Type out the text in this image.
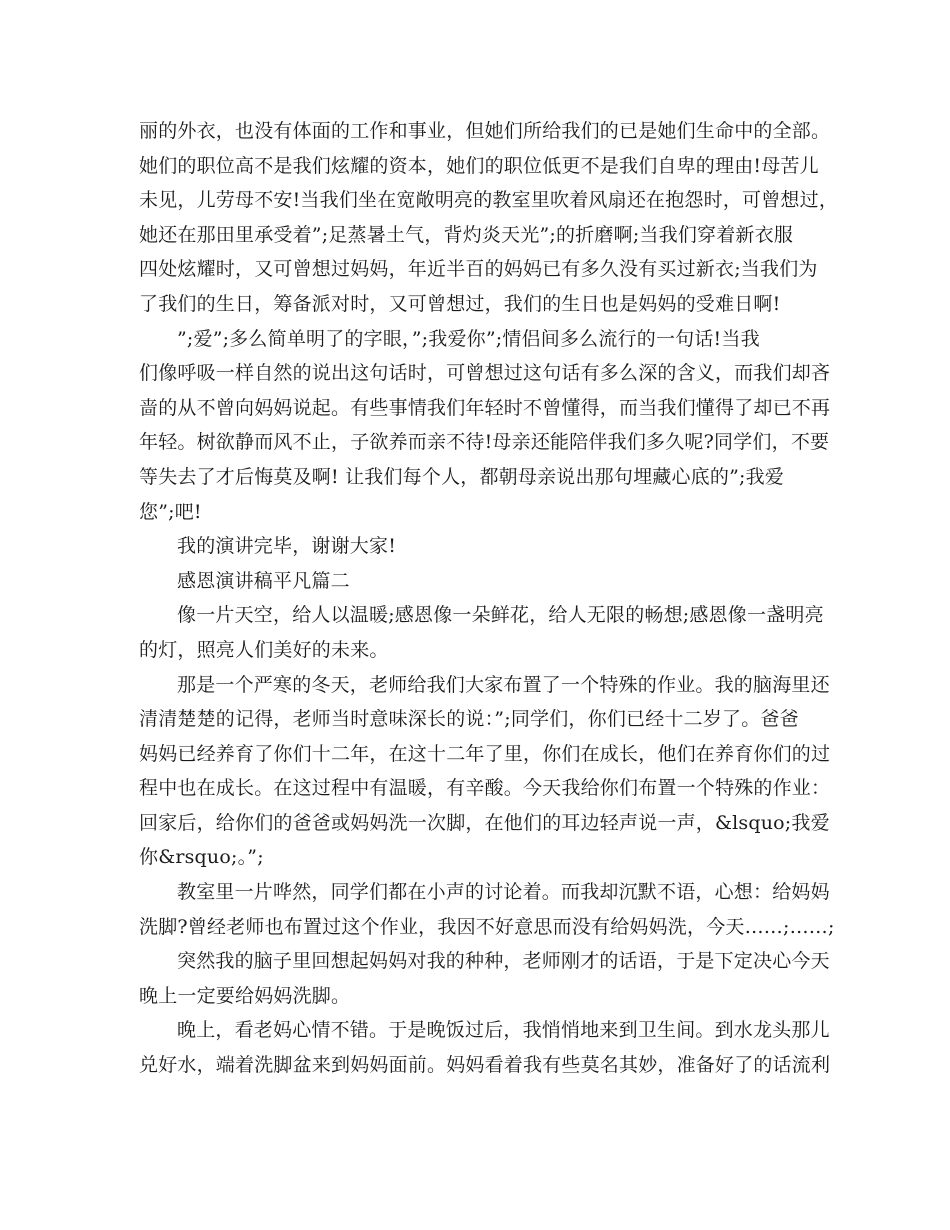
丽的外衣，也没有体面的工作和事业，但她们所给我们的已是她们生命中的全部。
她们的职位高不是我们炫耀的资本，她们的职位低更不是我们自卑的理由!母苦儿
未见，儿劳母不安!当我们坐在宽敞明亮的教室里吹着风扇还在抱怨时，可曾想过，
她还在那田里承受着”;足蒸暑土气，背灼炎天光”;的折磨啊;当我们穿着新衣服
四处炫耀时，又可曾想过妈妈，年近半百的妈妈已有多久没有买过新衣;当我们为
了我们的生日，筹备派对时，又可曾想过，我们的生日也是妈妈的受难日啊!
”;爱”;多么简单明了的字眼，”;我爱你”;情侣间多么流行的一句话!当我
们像呼吸一样自然的说出这句话时，可曾想过这句话有多么深的含义，而我们却吝
啬的从不曾向妈妈说起。有些事情我们年轻时不曾懂得，而当我们懂得了却已不再
年轻。树欲静而风不止，子欲养而亲不待!母亲还能陪伴我们多久呢?同学们，不要
等失去了才后悔莫及啊! 让我们每个人，都朝母亲说出那句埋藏心底的”;我爱
您”;吧!
我的演讲完毕，谢谢大家!
感恩演讲稿平凡篇二
像一片天空，给人以温暖;感恩像一朵鲜花，给人无限的畅想;感恩像一盏明亮
的灯，照亮人们美好的未来。
那是一个严寒的冬天，老师给我们大家布置了一个特殊的作业。我的脑海里还
清清楚楚的记得，老师当时意味深长的说：”;同学们，你们已经十二岁了。爸爸
妈妈已经养育了你们十二年，在这十二年了里，你们在成长，他们在养育你们的过
程中也在成长。在这过程中有温暖，有辛酸。今天我给你们布置一个特殊的作业：
回家后，给你们的爸爸或妈妈洗一次脚，在他们的耳边轻声说一声，&lsquo;我爱
你&rsquo;。”;
教室里一片哗然，同学们都在小声的讨论着。而我却沉默不语，心想：给妈妈
洗脚?曾经老师也布置过这个作业，我因不好意思而没有给妈妈洗，今天……;……;
突然我的脑子里回想起妈妈对我的种种，老师刚才的话语，于是下定决心今天
晚上一定要给妈妈洗脚。
晚上，看老妈心情不错。于是晚饭过后，我悄悄地来到卫生间。到水龙头那儿
兑好水，端着洗脚盆来到妈妈面前。妈妈看着我有些莫名其妙，准备好了的话流利
